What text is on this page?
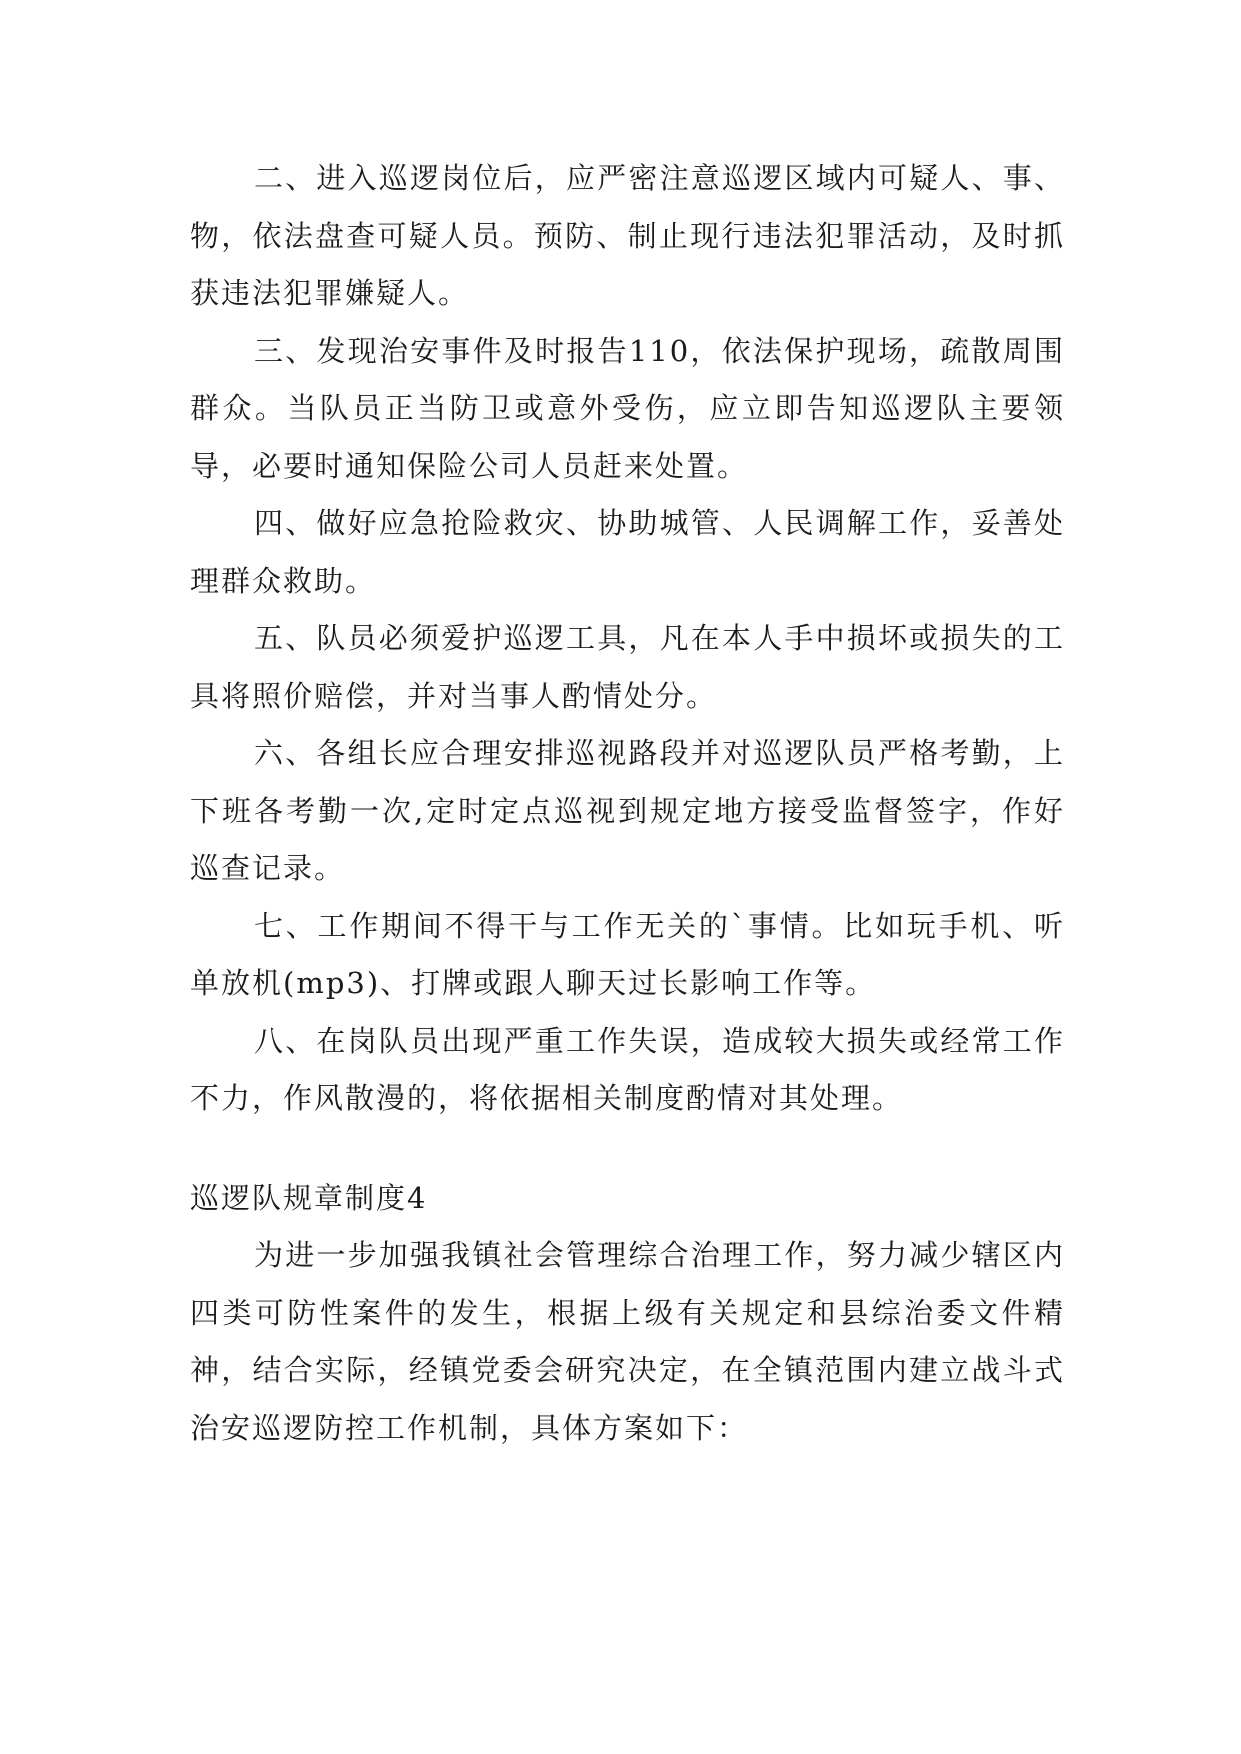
二、进入巡逻岗位后，应严密注意巡逻区域内可疑人、事、物，依法盘查可疑人员。预防、制止现行违法犯罪活动，及时抓获违法犯罪嫌疑人。

三、发现治安事件及时报告110，依法保护现场，疏散周围群众。当队员正当防卫或意外受伤，应立即告知巡逻队主要领导，必要时通知保险公司人员赶来处置。

四、做好应急抢险救灾、协助城管、人民调解工作，妥善处理群众救助。

五、队员必须爱护巡逻工具，凡在本人手中损坏或损失的工具将照价赔偿，并对当事人酌情处分。

六、各组长应合理安排巡视路段并对巡逻队员严格考勤，上下班各考勤一次,定时定点巡视到规定地方接受监督签字，作好巡查记录。

七、工作期间不得干与工作无关的`事情。比如玩手机、听单放机(mp3)、打牌或跟人聊天过长影响工作等。

八、在岗队员出现严重工作失误，造成较大损失或经常工作不力，作风散漫的，将依据相关制度酌情对其处理。

巡逻队规章制度4

为进一步加强我镇社会管理综合治理工作，努力减少辖区内四类可防性案件的发生，根据上级有关规定和县综治委文件精神，结合实际，经镇党委会研究决定，在全镇范围内建立战斗式治安巡逻防控工作机制，具体方案如下：
